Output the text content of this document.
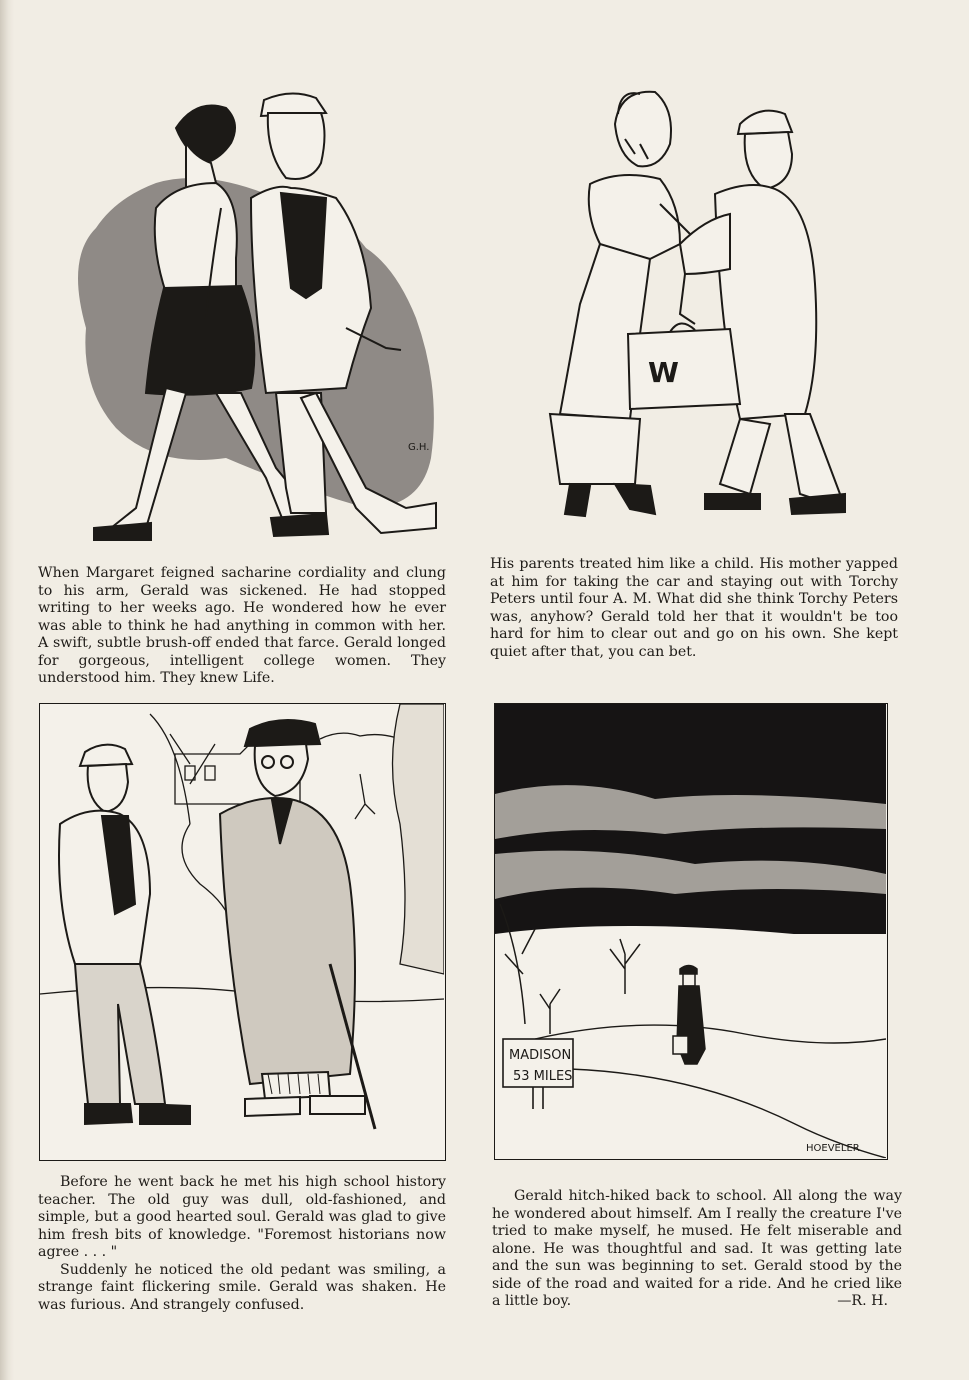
G.H.
W
When Margaret feigned sacharine cordiality and clung to his arm, Gerald was sickened. He had stopped writing to her weeks ago. He wondered how he ever was able to think he had anything in common with her. A swift, subtle brush-off ended that farce. Gerald longed for gorgeous, intelligent college women. They understood him. They knew Life.
His parents treated him like a child. His mother yapped at him for taking the car and staying out with Torchy Peters until four A. M. What did she think Torchy Peters was, anyhow? Gerald told her that it wouldn't be too hard for him to clear out and go on his own. She kept quiet after that, you can bet.
MADISON
53 MILES
HOEVELER

Before he went back he met his high school history teacher. The old guy was dull, old-fashioned, and simple, but a good hearted soul. Gerald was glad to give him fresh bits of knowledge. "Foremost historians now agree . . . "

Suddenly he noticed the old pedant was smiling, a strange faint flickering smile. Gerald was shaken. He was furious. And strangely confused.

Gerald hitch-hiked back to school. All along the way he wondered about himself. Am I really the creature I've tried to make myself, he mused. He felt miserable and alone. He was thoughtful and sad. It was getting late and the sun was beginning to set. Gerald stood by the side of the road and waited for a ride. And he cried like a little boy.	—R. H.
